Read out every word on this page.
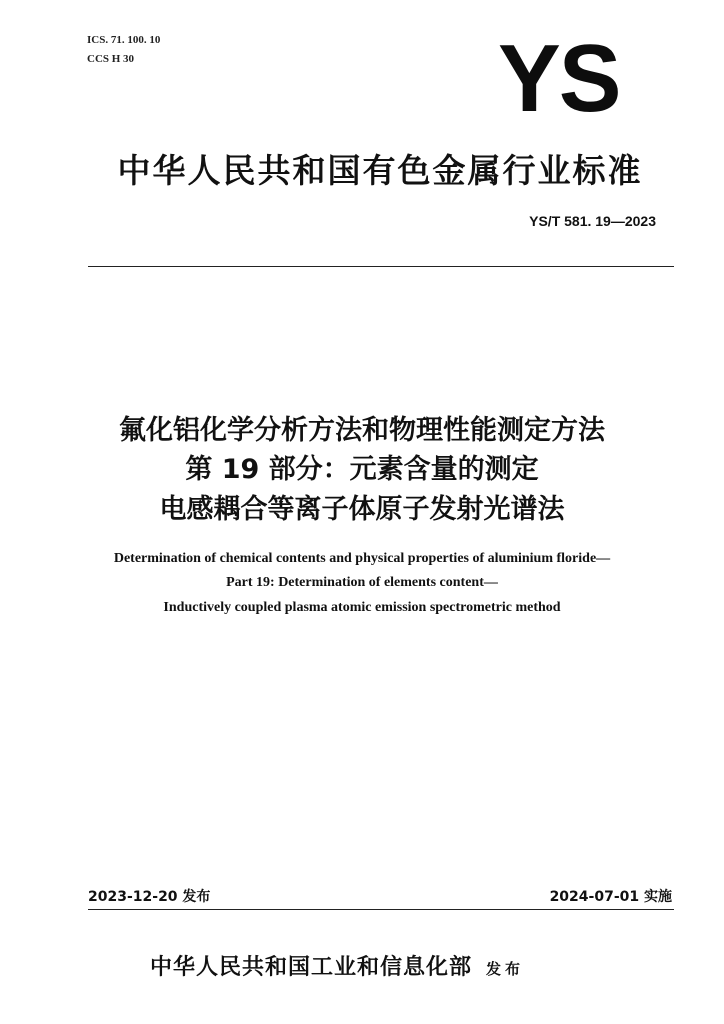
ICS. 71. 100. 10
CCS H 30	YS
中华人民共和国有色金属行业标准
YS/T 581. 19—2023
氟化铝化学分析方法和物理性能测定方法
第 19 部分：元素含量的测定
电感耦合等离子体原子发射光谱法
Determination of chemical contents and physical properties of aluminium floride—
Part 19: Determination of elements content—
Inductively coupled plasma atomic emission spectrometric method
2023-12-20 发布	2024-07-01 实施
中华人民共和国工业和信息化部 发布
